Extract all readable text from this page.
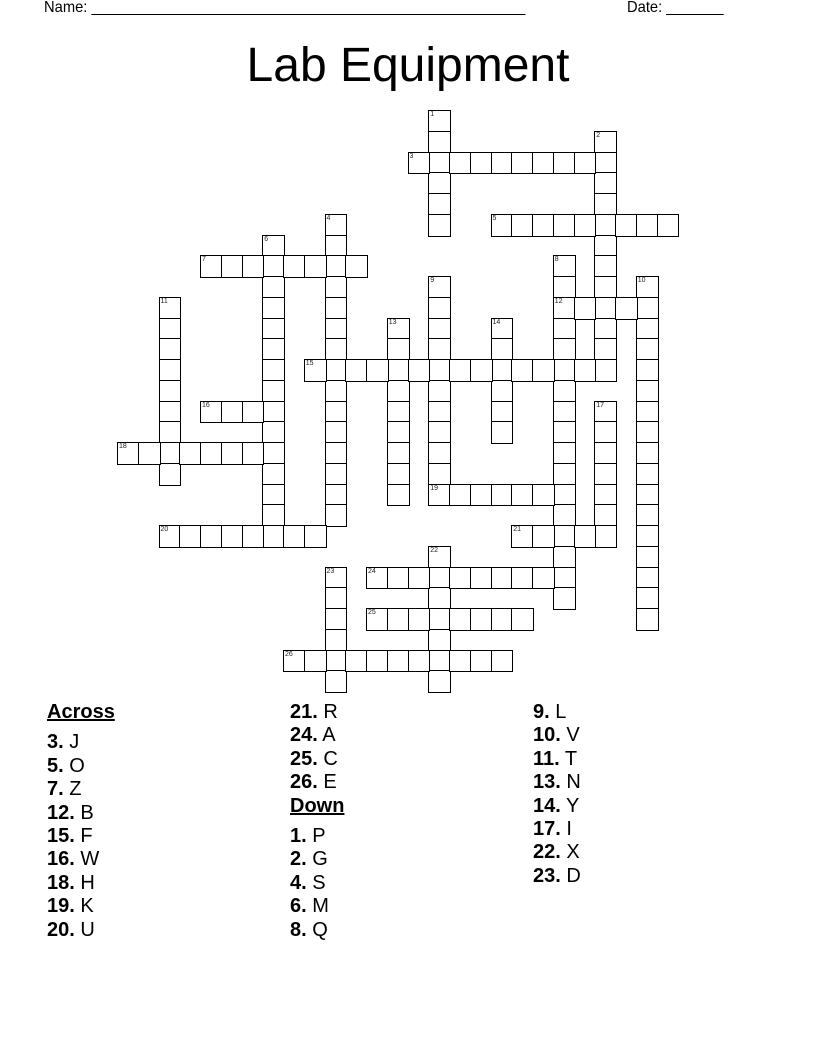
Name: _____________________________________________________	Date: _______
Lab Equipment
1
2
3
4	5
6
7	8
12
9
19
10
11
13	14
15
16	17
18
20	21
22
23	24
25
26
Across
3. J
5. O
7. Z
12. B
15. F
16. W
18. H
19. K
20. U
21. R
24. A
25. C
26. E
Down
1. P
2. G
4. S
6. M
8. Q
9. L
10. V
11. T
13. N
14. Y
17. I
22. X
23. D
